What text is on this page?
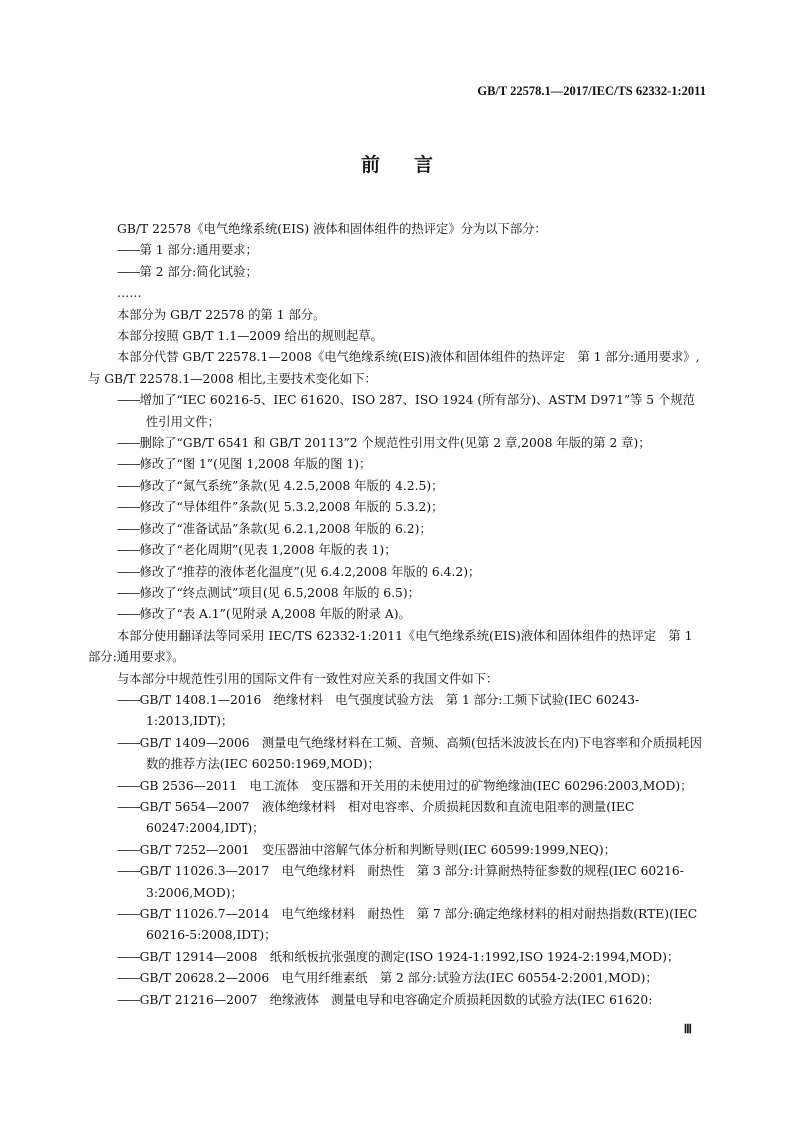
GB/T 22578.1—2017/IEC/TS 62332-1:2011
前言
GB/T 22578《电气绝缘系统(EIS) 液体和固体组件的热评定》分为以下部分：
——第 1 部分:通用要求；
——第 2 部分:简化试验；
……
本部分为 GB/T 22578 的第 1 部分。
本部分按照 GB/T 1.1—2009 给出的规则起草。
本部分代替 GB/T 22578.1—2008《电气绝缘系统(EIS)液体和固体组件的热评定　第 1 部分:通用要求》,与 GB/T 22578.1—2008 相比,主要技术变化如下：
——增加了“IEC 60216-5、IEC 61620、ISO 287、ISO 1924 (所有部分)、ASTM D971”等 5 个规范性引用文件；
——删除了“GB/T 6541 和 GB/T 20113”2 个规范性引用文件(见第 2 章,2008 年版的第 2 章)；
——修改了“图 1”(见图 1,2008 年版的图 1)；
——修改了“氮气系统”条款(见 4.2.5,2008 年版的 4.2.5)；
——修改了“导体组件”条款(见 5.3.2,2008 年版的 5.3.2)；
——修改了“准备试品”条款(见 6.2.1,2008 年版的 6.2)；
——修改了“老化周期”(见表 1,2008 年版的表 1)；
——修改了“推荐的液体老化温度”(见 6.4.2,2008 年版的 6.4.2)；
——修改了“终点测试”项目(见 6.5,2008 年版的 6.5)；
——修改了“表 A.1”(见附录 A,2008 年版的附录 A)。
本部分使用翻译法等同采用 IEC/TS 62332-1:2011《电气绝缘系统(EIS)液体和固体组件的热评定　第 1 部分:通用要求》。
与本部分中规范性引用的国际文件有一致性对应关系的我国文件如下：
——GB/T 1408.1—2016　绝缘材料　电气强度试验方法　第 1 部分:工频下试验(IEC 60243-1:2013,IDT)；
——GB/T 1409—2006　测量电气绝缘材料在工频、音频、高频(包括米波波长在内)下电容率和介质损耗因数的推荐方法(IEC 60250:1969,MOD)；
——GB 2536—2011　电工流体　变压器和开关用的未使用过的矿物绝缘油(IEC 60296:2003,MOD)；
——GB/T 5654—2007　液体绝缘材料　相对电容率、介质损耗因数和直流电阻率的测量(IEC 60247:2004,IDT)；
——GB/T 7252—2001　变压器油中溶解气体分析和判断导则(IEC 60599:1999,NEQ)；
——GB/T 11026.3—2017　电气绝缘材料　耐热性　第 3 部分:计算耐热特征参数的规程(IEC 60216-3:2006,MOD)；
——GB/T 11026.7—2014　电气绝缘材料　耐热性　第 7 部分:确定绝缘材料的相对耐热指数(RTE)(IEC 60216-5:2008,IDT)；
——GB/T 12914—2008　纸和纸板抗张强度的测定(ISO 1924-1:1992,ISO 1924-2:1994,MOD)；
——GB/T 20628.2—2006　电气用纤维素纸　第 2 部分:试验方法(IEC 60554-2:2001,MOD)；
——GB/T 21216—2007　绝缘液体　测量电导和电容确定介质损耗因数的试验方法(IEC 61620:
Ⅲ
